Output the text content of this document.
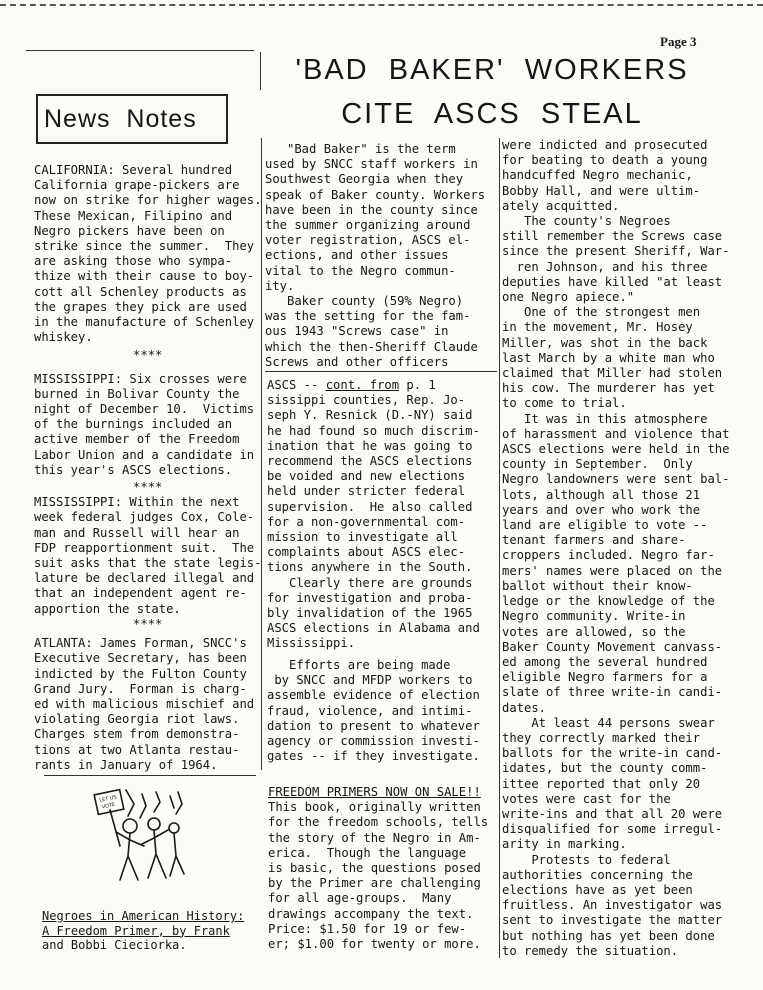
Page 3
'BAD  BAKER'  WORKERS
CITE  ASCS  STEAL
News  Notes
CALIFORNIA: Several hundred
California grape-pickers are
now on strike for higher wages.
These Mexican, Filipino and
Negro pickers have been on
strike since the summer.  They
are asking those who sympa-
thize with their cause to boy-
cott all Schenley products as
the grapes they pick are used
in the manufacture of Schenley
whiskey.
****
MISSISSIPPI: Six crosses were
burned in Bolivar County the
night of December 10.  Victims
of the burnings included an
active member of the Freedom
Labor Union and a candidate in
this year's ASCS elections.
****
MISSISSIPPI: Within the next
week federal judges Cox, Cole-
man and Russell will hear an
FDP reapportionment suit.  The
suit asks that the state legis-
lature be declared illegal and
that an independent agent re-
apportion the state.
****
ATLANTA: James Forman, SNCC's
Executive Secretary, has been
indicted by the Fulton County
Grand Jury.  Forman is charg-
ed with malicious mischief and
violating Georgia riot laws.
Charges stem from demonstra-
tions at two Atlanta restau-
rants in January of 1964.
LET US
VOTE
Negroes in American History:
A Freedom Primer, by Frank
and Bobbi Cieciorka.
"Bad Baker" is the term
used by SNCC staff workers in
Southwest Georgia when they
speak of Baker county. Workers
have been in the county since
the summer organizing around
voter registration, ASCS el-
ections, and other issues
vital to the Negro commun-
ity.
Baker county (59% Negro)
was the setting for the fam-
ous 1943 "Screws case" in
which the then-Sheriff Claude
Screws and other officers
ASCS -- cont. from p. 1
sissippi counties, Rep. Jo-
seph Y. Resnick (D.-NY) said
he had found so much discrim-
ination that he was going to
recommend the ASCS elections
be voided and new elections
held under stricter federal
supervision.  He also called
for a non-governmental com-
mission to investigate all
complaints about ASCS elec-
tions anywhere in the South.
Clearly there are grounds
for investigation and proba-
bly invalidation of the 1965
ASCS elections in Alabama and
Mississippi.
Efforts are being made
by SNCC and MFDP workers to
assemble evidence of election
fraud, violence, and intimi-
dation to present to whatever
agency or commission investi-
gates -- if they investigate.
FREEDOM PRIMERS NOW ON SALE!!
This book, originally written
for the freedom schools, tells
the story of the Negro in Am-
erica.  Though the language
is basic, the questions posed
by the Primer are challenging
for all age-groups.  Many
drawings accompany the text.
Price: $1.50 for 19 or few-
er; $1.00 for twenty or more.
were indicted and prosecuted
for beating to death a young
handcuffed Negro mechanic,
Bobby Hall, and were ultim-
ately acquitted.
The county's Negroes
still remember the Screws case
since the present Sheriff, War-
ren Johnson, and his three
deputies have killed "at least
one Negro apiece."
One of the strongest men
in the movement, Mr. Hosey
Miller, was shot in the back
last March by a white man who
claimed that Miller had stolen
his cow. The murderer has yet
to come to trial.
It was in this atmosphere
of harassment and violence that
ASCS elections were held in the
county in September.  Only
Negro landowners were sent bal-
lots, although all those 21
years and over who work the
land are eligible to vote --
tenant farmers and share-
croppers included. Negro far-
mers' names were placed on the
ballot without their know-
ledge or the knowledge of the
Negro community. Write-in
votes are allowed, so the
Baker County Movement canvass-
ed among the several hundred
eligible Negro farmers for a
slate of three write-in candi-
dates.
At least 44 persons swear
they correctly marked their
ballots for the write-in cand-
idates, but the county comm-
ittee reported that only 20
votes were cast for the
write-ins and that all 20 were
disqualified for some irregul-
arity in marking.
Protests to federal
authorities concerning the
elections have as yet been
fruitless. An investigator was
sent to investigate the matter
but nothing has yet been done
to remedy the situation.
